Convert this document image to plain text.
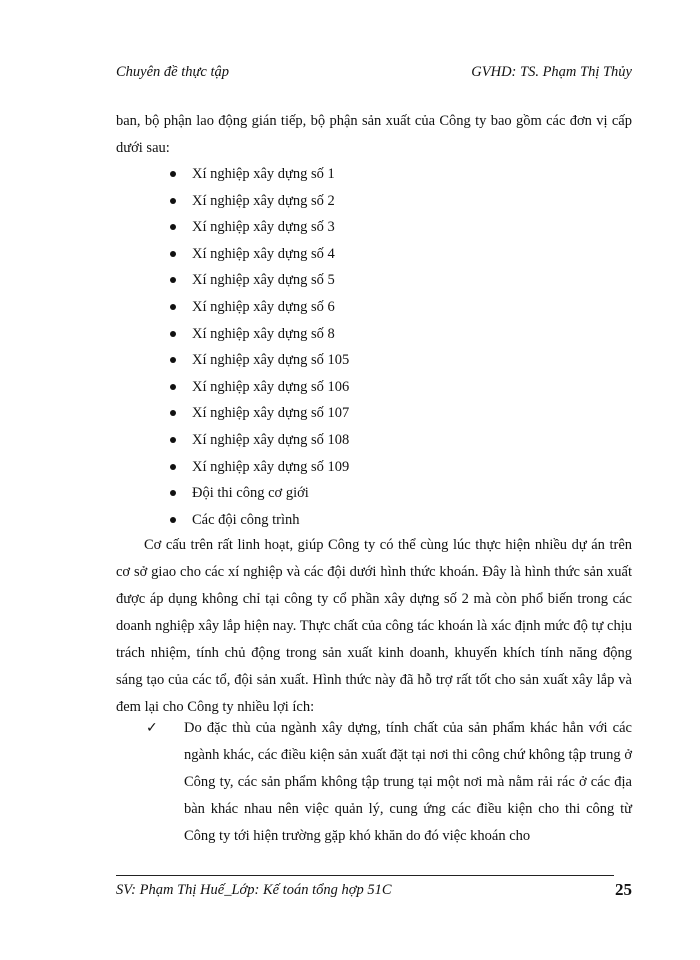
Chuyên đề thực tập	GVHD: TS. Phạm Thị Thủy
ban, bộ phận lao động gián tiếp, bộ phận sản xuất của Công ty bao gồm các đơn vị cấp dưới sau:
Xí nghiệp xây dựng số 1
Xí nghiệp xây dựng số 2
Xí nghiệp xây dựng số 3
Xí nghiệp xây dựng số 4
Xí nghiệp xây dựng số 5
Xí nghiệp xây dựng số 6
Xí nghiệp xây dựng số 8
Xí nghiệp xây dựng số 105
Xí nghiệp xây dựng số 106
Xí nghiệp xây dựng số 107
Xí nghiệp xây dựng số 108
Xí nghiệp xây dựng số 109
Đội thi công cơ giới
Các đội công trình
Cơ cấu trên rất linh hoạt, giúp Công ty có thể cùng lúc thực hiện nhiều dự án trên cơ sở giao cho các xí nghiệp và các đội dưới hình thức khoán. Đây là hình thức sản xuất được áp dụng không chỉ tại công ty cổ phần xây dựng số 2 mà còn phổ biến trong các doanh nghiệp xây lắp hiện nay. Thực chất của công tác khoán là xác định mức độ tự chịu trách nhiệm, tính chủ động trong sản xuất kinh doanh, khuyến khích tính năng động sáng tạo của các tổ, đội sản xuất. Hình thức này đã hỗ trợ rất tốt cho sản xuất xây lắp và đem lại cho Công ty nhiều lợi ích:
✓ Do đặc thù của ngành xây dựng, tính chất của sản phẩm khác hẳn với các ngành khác, các điều kiện sản xuất đặt tại nơi thi công chứ không tập trung ở Công ty, các sản phẩm không tập trung tại một nơi mà nằm rải rác ở các địa bàn khác nhau nên việc quản lý, cung ứng các điều kiện cho thi công từ Công ty tới hiện trường gặp khó khăn do đó việc khoán cho
SV: Phạm Thị Huế_Lớp: Kế toán tổng hợp 51C	25
